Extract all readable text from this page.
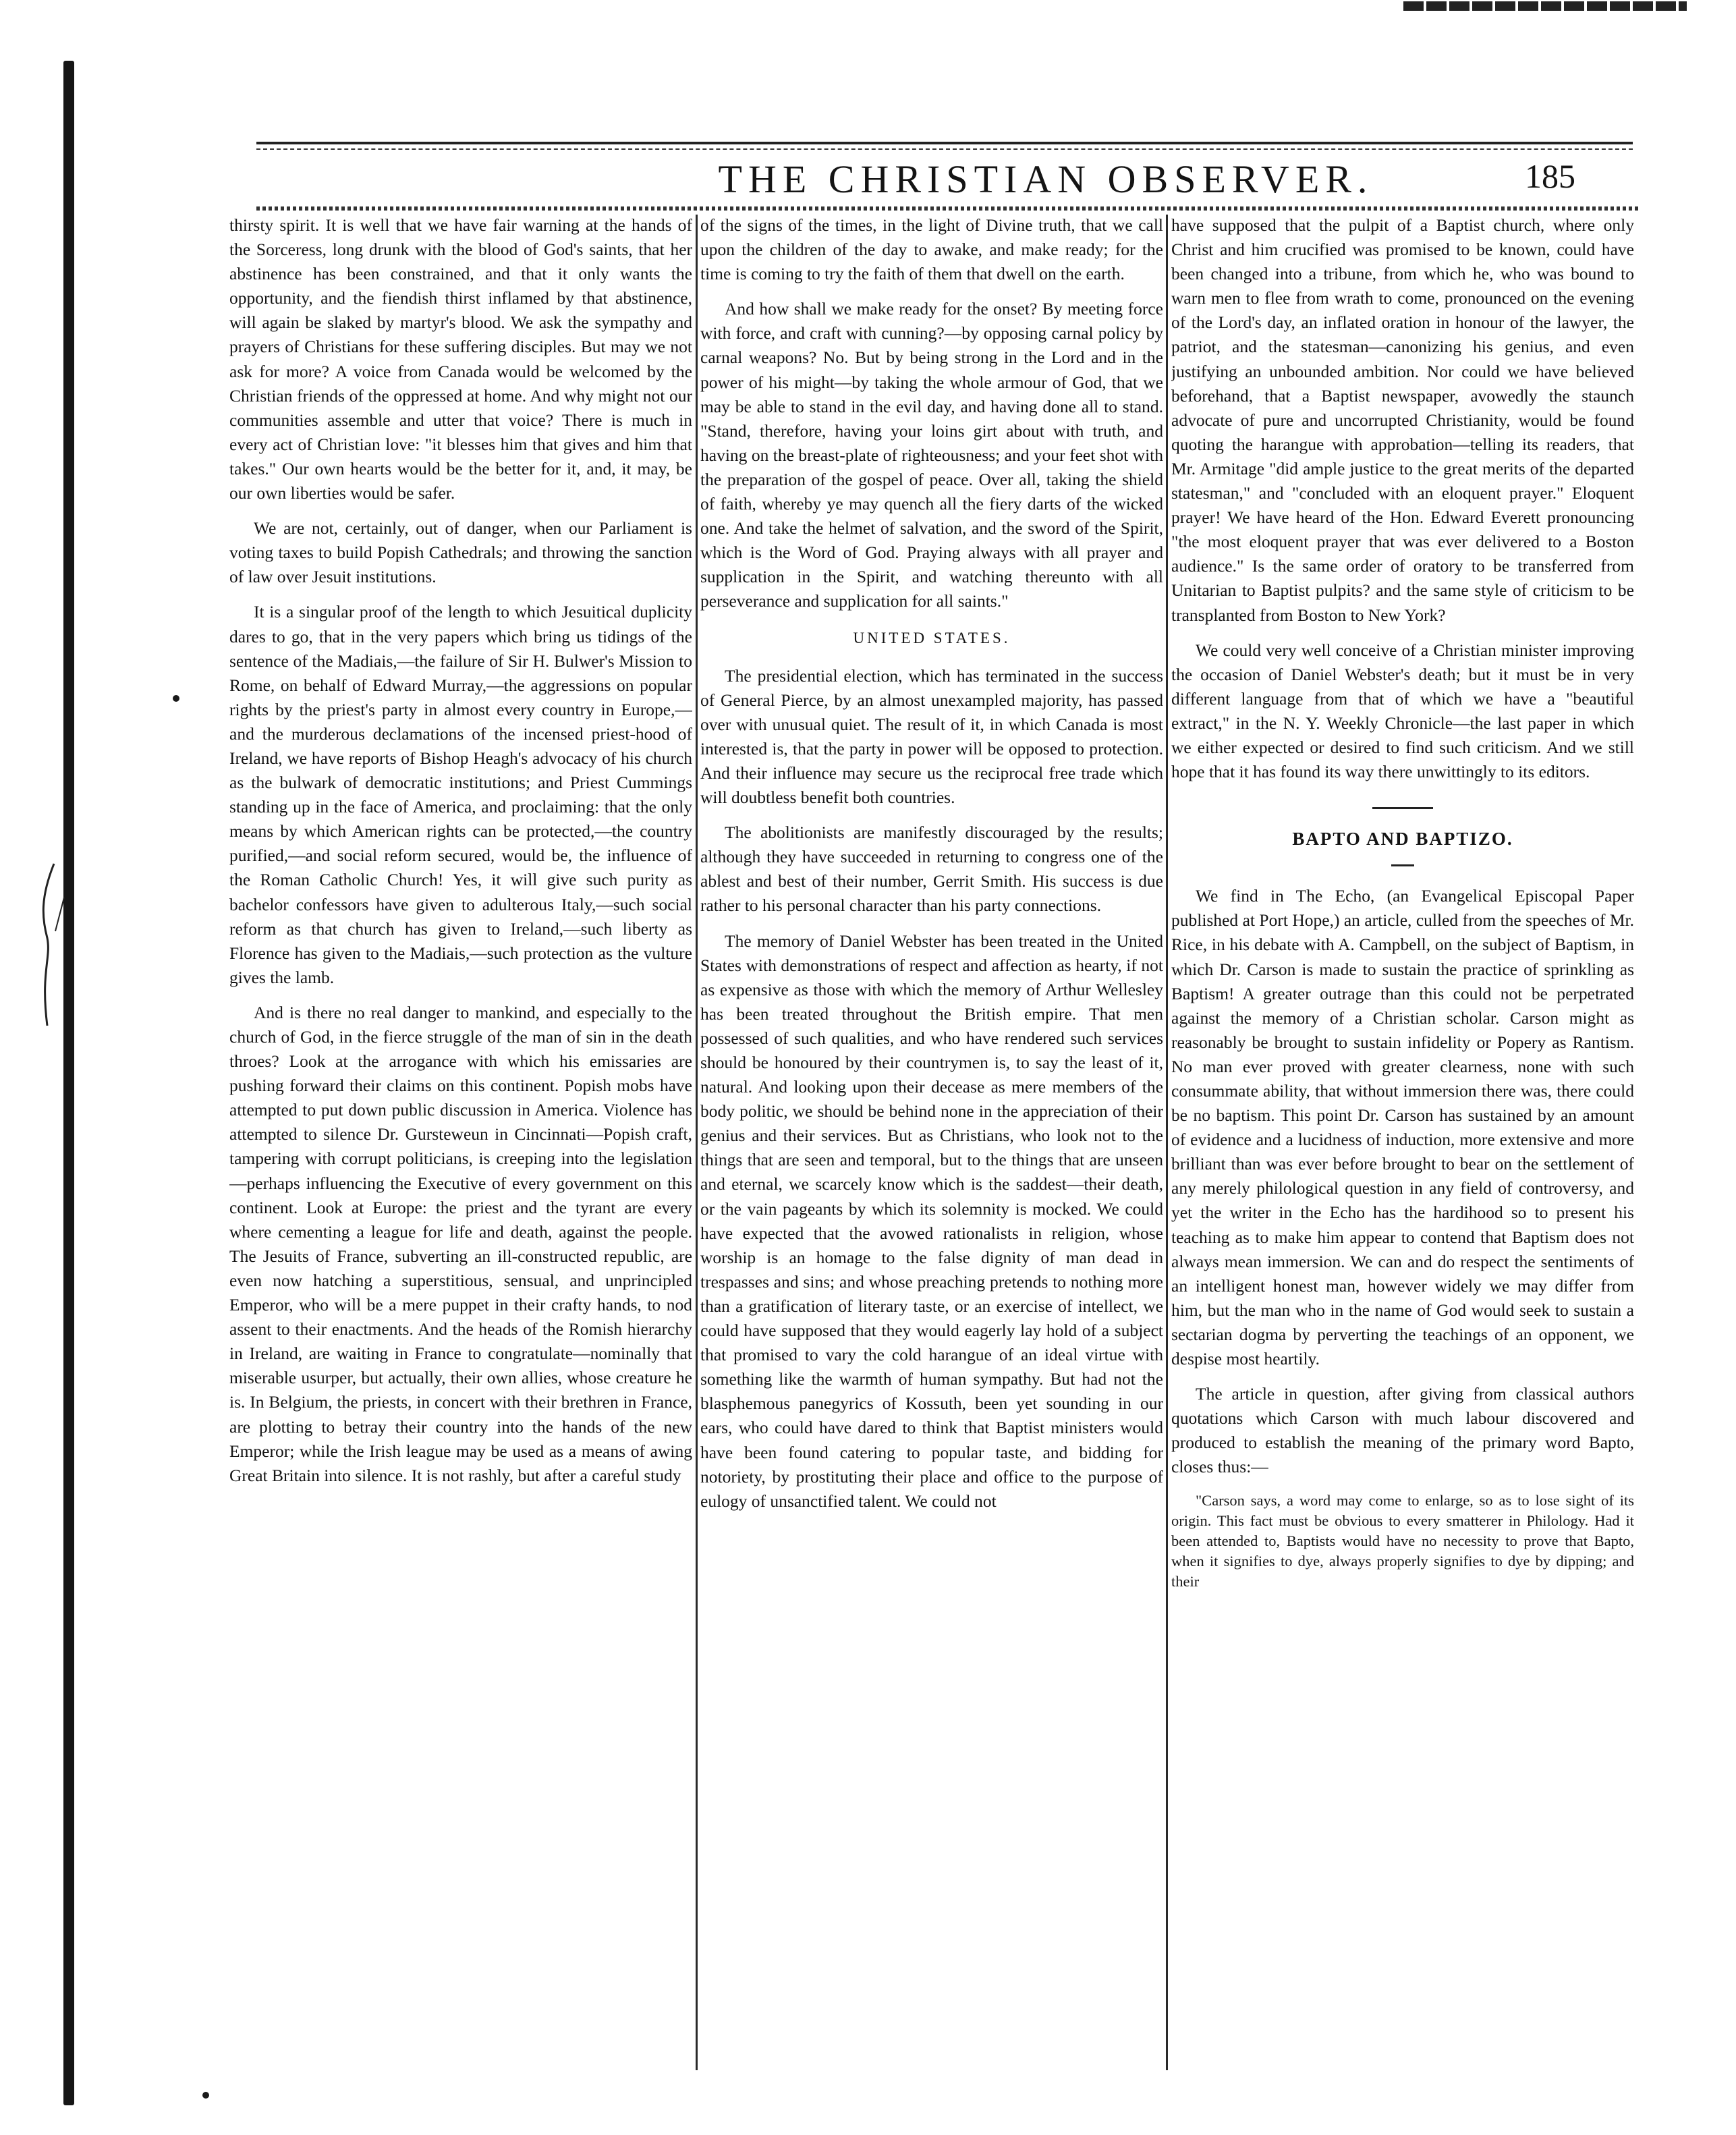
THE CHRISTIAN OBSERVER.	185

thirsty spirit. It is well that we have fair warning at the hands of the Sorceress, long drunk with the blood of God's saints, that her abstinence has been constrained, and that it only wants the opportunity, and the fiendish thirst inflamed by that abstinence, will again be slaked by martyr's blood. We ask the sympathy and prayers of Christians for these suffering disciples. But may we not ask for more? A voice from Canada would be welcomed by the Christian friends of the oppressed at home. And why might not our communities assemble and utter that voice? There is much in every act of Christian love: "it blesses him that gives and him that takes." Our own hearts would be the better for it, and, it may, be our own liberties would be safer.

We are not, certainly, out of danger, when our Parliament is voting taxes to build Popish Cathedrals; and throwing the sanction of law over Jesuit institutions.

It is a singular proof of the length to which Jesuitical duplicity dares to go, that in the very papers which bring us tidings of the sentence of the Madiais,—the failure of Sir H. Bulwer's Mission to Rome, on behalf of Edward Murray,—the aggressions on popular rights by the priest's party in almost every country in Europe,—and the murderous declamations of the incensed priest-hood of Ireland, we have reports of Bishop Heagh's advocacy of his church as the bulwark of democratic institutions; and Priest Cummings standing up in the face of America, and proclaiming: that the only means by which American rights can be protected,—the country purified,—and social reform secured, would be, the influence of the Roman Catholic Church! Yes, it will give such purity as bachelor confessors have given to adulterous Italy,—such social reform as that church has given to Ireland,—such liberty as Florence has given to the Madiais,—such protection as the vulture gives the lamb.

And is there no real danger to mankind, and especially to the church of God, in the fierce struggle of the man of sin in the death throes? Look at the arrogance with which his emissaries are pushing forward their claims on this continent. Popish mobs have attempted to put down public discussion in America. Violence has attempted to silence Dr. Gursteweun in Cincinnati—Popish craft, tampering with corrupt politicians, is creeping into the legislation—perhaps influencing the Executive of every government on this continent. Look at Europe: the priest and the tyrant are every where cementing a league for life and death, against the people. The Jesuits of France, subverting an ill-constructed republic, are even now hatching a superstitious, sensual, and unprincipled Emperor, who will be a mere puppet in their crafty hands, to nod assent to their enactments. And the heads of the Romish hierarchy in Ireland, are waiting in France to congratulate—nominally that miserable usurper, but actually, their own allies, whose creature he is. In Belgium, the priests, in concert with their brethren in France, are plotting to betray their country into the hands of the new Emperor; while the Irish league may be used as a means of awing Great Britain into silence. It is not rashly, but after a careful study

of the signs of the times, in the light of Divine truth, that we call upon the children of the day to awake, and make ready; for the time is coming to try the faith of them that dwell on the earth.

And how shall we make ready for the onset? By meeting force with force, and craft with cunning?—by opposing carnal policy by carnal weapons? No. But by being strong in the Lord and in the power of his might—by taking the whole armour of God, that we may be able to stand in the evil day, and having done all to stand. "Stand, therefore, having your loins girt about with truth, and having on the breast-plate of righteousness; and your feet shot with the preparation of the gospel of peace. Over all, taking the shield of faith, whereby ye may quench all the fiery darts of the wicked one. And take the helmet of salvation, and the sword of the Spirit, which is the Word of God. Praying always with all prayer and supplication in the Spirit, and watching thereunto with all perseverance and supplication for all saints."

UNITED STATES.

The presidential election, which has terminated in the success of General Pierce, by an almost unexampled majority, has passed over with unusual quiet. The result of it, in which Canada is most interested is, that the party in power will be opposed to protection. And their influence may secure us the reciprocal free trade which will doubtless benefit both countries.

The abolitionists are manifestly discouraged by the results; although they have succeeded in returning to congress one of the ablest and best of their number, Gerrit Smith. His success is due rather to his personal character than his party connections.

The memory of Daniel Webster has been treated in the United States with demonstrations of respect and affection as hearty, if not as expensive as those with which the memory of Arthur Wellesley has been treated throughout the British empire. That men possessed of such qualities, and who have rendered such services should be honoured by their countrymen is, to say the least of it, natural. And looking upon their decease as mere members of the body politic, we should be behind none in the appreciation of their genius and their services. But as Christians, who look not to the things that are seen and temporal, but to the things that are unseen and eternal, we scarcely know which is the saddest—their death, or the vain pageants by which its solemnity is mocked. We could have expected that the avowed rationalists in religion, whose worship is an homage to the false dignity of man dead in trespasses and sins; and whose preaching pretends to nothing more than a gratification of literary taste, or an exercise of intellect, we could have supposed that they would eagerly lay hold of a subject that promised to vary the cold harangue of an ideal virtue with something like the warmth of human sympathy. But had not the blasphemous panegyrics of Kossuth, been yet sounding in our ears, who could have dared to think that Baptist ministers would have been found catering to popular taste, and bidding for notoriety, by prostituting their place and office to the purpose of eulogy of unsanctified talent. We could not

have supposed that the pulpit of a Baptist church, where only Christ and him crucified was promised to be known, could have been changed into a tribune, from which he, who was bound to warn men to flee from wrath to come, pronounced on the evening of the Lord's day, an inflated oration in honour of the lawyer, the patriot, and the statesman—canonizing his genius, and even justifying an unbounded ambition. Nor could we have believed beforehand, that a Baptist newspaper, avowedly the staunch advocate of pure and uncorrupted Christianity, would be found quoting the harangue with approbation—telling its readers, that Mr. Armitage "did ample justice to the great merits of the departed statesman," and "concluded with an eloquent prayer." Eloquent prayer! We have heard of the Hon. Edward Everett pronouncing "the most eloquent prayer that was ever delivered to a Boston audience." Is the same order of oratory to be transferred from Unitarian to Baptist pulpits? and the same style of criticism to be transplanted from Boston to New York?

We could very well conceive of a Christian minister improving the occasion of Daniel Webster's death; but it must be in very different language from that of which we have a "beautiful extract," in the N. Y. Weekly Chronicle—the last paper in which we either expected or desired to find such criticism. And we still hope that it has found its way there unwittingly to its editors.

BAPTO AND BAPTIZO.

We find in The Echo, (an Evangelical Episcopal Paper published at Port Hope,) an article, culled from the speeches of Mr. Rice, in his debate with A. Campbell, on the subject of Baptism, in which Dr. Carson is made to sustain the practice of sprinkling as Baptism! A greater outrage than this could not be perpetrated against the memory of a Christian scholar. Carson might as reasonably be brought to sustain infidelity or Popery as Rantism. No man ever proved with greater clearness, none with such consummate ability, that without immersion there was, there could be no baptism. This point Dr. Carson has sustained by an amount of evidence and a lucidness of induction, more extensive and more brilliant than was ever before brought to bear on the settlement of any merely philological question in any field of controversy, and yet the writer in the Echo has the hardihood so to present his teaching as to make him appear to contend that Baptism does not always mean immersion. We can and do respect the sentiments of an intelligent honest man, however widely we may differ from him, but the man who in the name of God would seek to sustain a sectarian dogma by perverting the teachings of an opponent, we despise most heartily.

The article in question, after giving from classical authors quotations which Carson with much labour discovered and produced to establish the meaning of the primary word Bapto, closes thus:—

"Carson says, a word may come to enlarge, so as to lose sight of its origin. This fact must be obvious to every smatterer in Philology. Had it been attended to, Baptists would have no necessity to prove that Bapto, when it signifies to dye, always properly signifies to dye by dipping; and their
